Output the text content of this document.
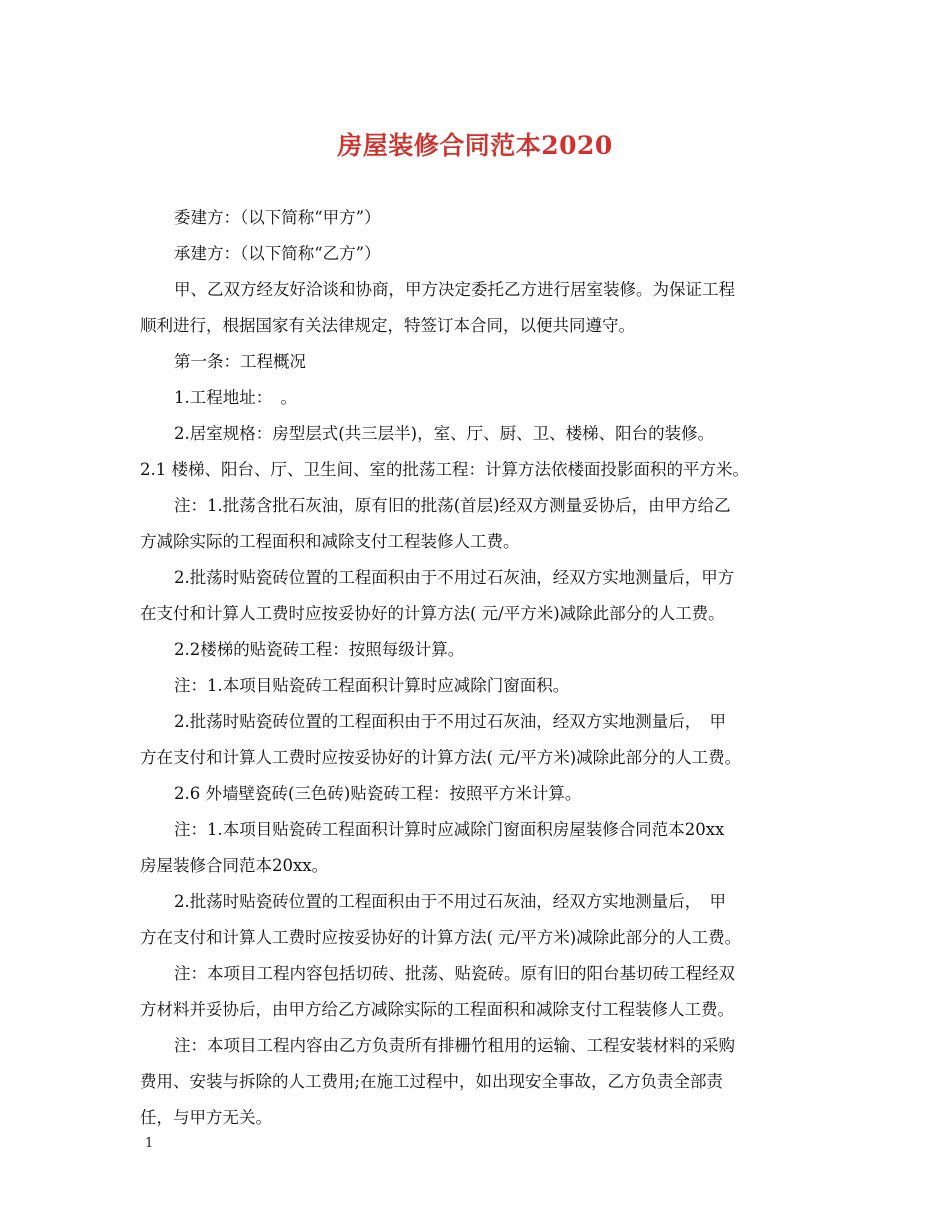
房屋装修合同范本2020

委建方：（以下简称“甲方”）

承建方：（以下简称“乙方”）

甲、乙双方经友好洽谈和协商，甲方决定委托乙方进行居室装修。为保证工程

顺利进行，根据国家有关法律规定，特签订本合同，以便共同遵守。

第一条：工程概况

1.工程地址：　。

2.居室规格：房型层式(共三层半)，室、厅、厨、卫、楼梯、阳台的装修。

2.1 楼梯、阳台、厅、卫生间、室的批荡工程：计算方法依楼面投影面积的平方米。

注：1.批荡含批石灰油，原有旧的批荡(首层)经双方测量妥协后，由甲方给乙

方减除实际的工程面积和减除支付工程装修人工费。

2.批荡时贴瓷砖位置的工程面积由于不用过石灰油，经双方实地测量后，甲方

在支付和计算人工费时应按妥协好的计算方法( 元/平方米)减除此部分的人工费。

2.2楼梯的贴瓷砖工程：按照每级计算。

注：1.本项目贴瓷砖工程面积计算时应减除门窗面积。

2.批荡时贴瓷砖位置的工程面积由于不用过石灰油，经双方实地测量后，　甲

方在支付和计算人工费时应按妥协好的计算方法( 元/平方米)减除此部分的人工费。

2.6 外墙壁瓷砖(三色砖)贴瓷砖工程：按照平方米计算。

注：1.本项目贴瓷砖工程面积计算时应减除门窗面积房屋装修合同范本20xx

房屋装修合同范本20xx。

2.批荡时贴瓷砖位置的工程面积由于不用过石灰油，经双方实地测量后，　甲

方在支付和计算人工费时应按妥协好的计算方法( 元/平方米)减除此部分的人工费。

注：本项目工程内容包括切砖、批荡、贴瓷砖。原有旧的阳台基切砖工程经双

方材料并妥协后，由甲方给乙方减除实际的工程面积和减除支付工程装修人工费。

注：本项目工程内容由乙方负责所有排栅竹租用的运输、工程安装材料的采购

费用、安装与拆除的人工费用;在施工过程中，如出现安全事故，乙方负责全部责

任，与甲方无关。

1
